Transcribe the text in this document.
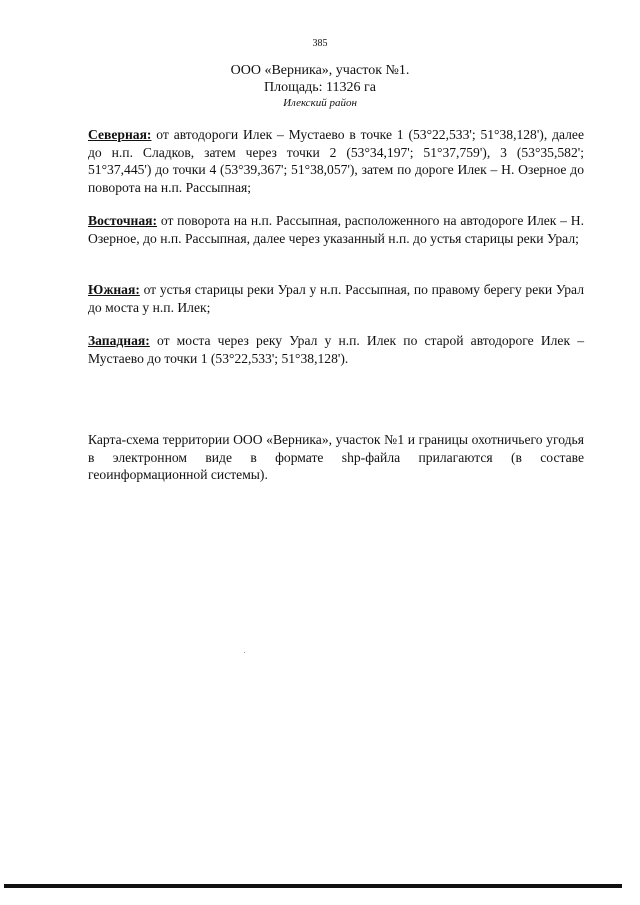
385
ООО «Верника», участок №1.
Площадь: 11326 га
Илекский район
Северная: от автодороги Илек – Мустаево в точке 1 (53°22,533'; 51°38,128'), далее до н.п. Сладков, затем через точки 2 (53°34,197'; 51°37,759'), 3 (53°35,582'; 51°37,445') до точки 4 (53°39,367'; 51°38,057'), затем по дороге Илек – Н. Озерное до поворота на н.п. Рассыпная;
Восточная: от поворота на н.п. Рассыпная, расположенного на автодороге Илек – Н. Озерное, до н.п. Рассыпная, далее через указанный н.п. до устья старицы реки Урал;
Южная: от устья старицы реки Урал у н.п. Рассыпная, по правому берегу реки Урал до моста у н.п. Илек;
Западная: от моста через реку Урал у н.п. Илек по старой автодороге Илек – Мустаево до точки 1 (53°22,533'; 51°38,128').
Карта-схема территории ООО «Верника», участок №1 и границы охотничьего угодья в электронном виде в формате shp-файла прилагаются (в составе геоинформационной системы).
